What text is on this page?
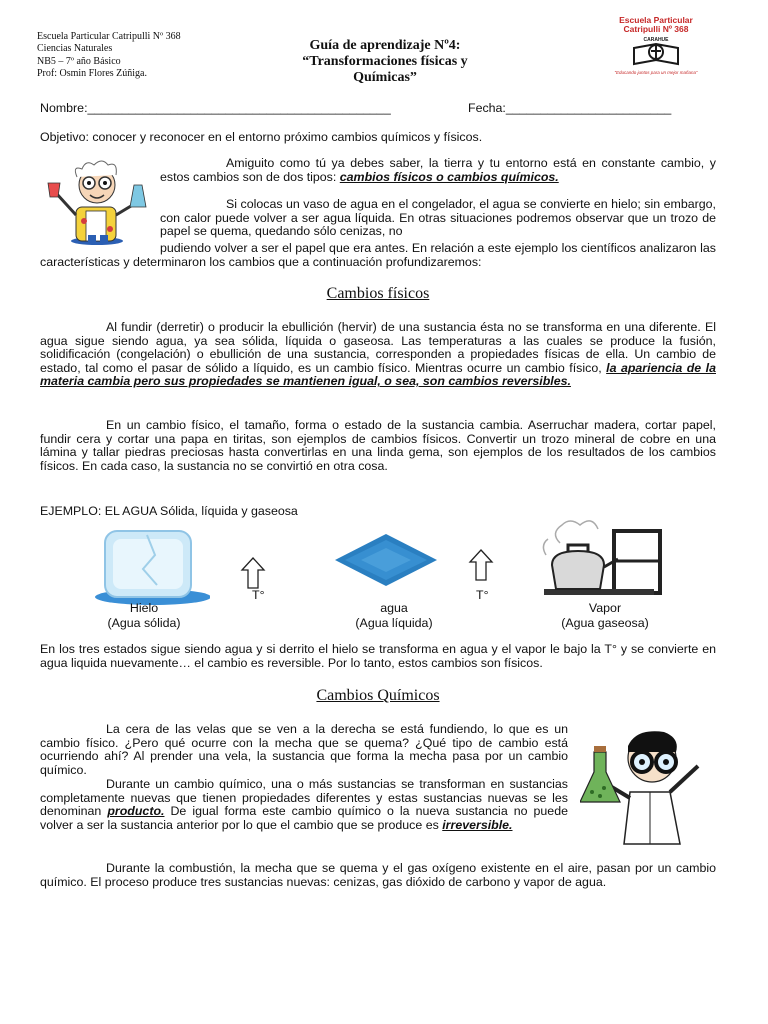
Escuela Particular Catripulli Nº 368
Ciencias Naturales
NB5 – 7º año Básico
Prof: Osmin Flores Zúñiga.
Guía de aprendizaje Nº4:
“Transformaciones físicas y
Químicas”
Escuela Particular
Catripulli Nº 368
CARAHUE
“Educando juntos para un mejor mañana”
Nombre:____________________________________________	Fecha:________________________
Objetivo: conocer y reconocer en el entorno próximo cambios químicos y físicos.
Amiguito como tú ya debes saber, la tierra y tu entorno está en constante cambio, y estos cambios son de dos tipos: cambios físicos o cambios químicos.
Si colocas un vaso de agua en el congelador, el agua se convierte en hielo; sin embargo, con calor puede volver a ser agua líquida. En otras situaciones podremos observar que un trozo de papel se quema, quedando sólo cenizas, no
pudiendo volver a ser el papel que era antes. En relación a este ejemplo los científicos analizaron las características y determinaron los cambios que a continuación profundizaremos:
Cambios físicos
Al fundir (derretir) o producir la ebullición (hervir) de una sustancia ésta no se transforma en una diferente. El agua sigue siendo agua, ya sea sólida, líquida o gaseosa. Las temperaturas a las cuales se produce la fusión, solidificación (congelación) o ebullición de una sustancia, corresponden a propiedades físicas de ella. Un cambio de estado, tal como el pasar de sólido a líquido, es un cambio físico. Mientras ocurre un cambio físico, la apariencia de la materia cambia pero sus propiedades se mantienen igual, o sea, son cambios reversibles.
En un cambio físico, el tamaño, forma o estado de la sustancia cambia. Aserruchar madera, cortar papel, fundir cera y cortar una papa en tiritas, son ejemplos de cambios físicos. Convertir un trozo mineral de cobre en una lámina y tallar piedras preciosas hasta convertirlas en una linda gema, son ejemplos de los resultados de los cambios físicos. En cada caso, la sustancia no se convirtió en otra cosa.
EJEMPLO: EL AGUA Sólida, líquida y gaseosa
T°	T°
Hielo
(Agua sólida)
agua
(Agua líquida)
Vapor
(Agua gaseosa)
En los tres estados sigue siendo agua y si derrito el hielo se transforma en agua y el vapor le bajo la T° y se convierte en agua liquida nuevamente… el cambio es reversible. Por lo tanto, estos cambios son físicos.
Cambios Químicos
La cera de las velas que se ven a la derecha se está fundiendo, lo que es un cambio físico. ¿Pero qué ocurre con la mecha que se quema? ¿Qué tipo de cambio está ocurriendo ahí? Al prender una vela, la sustancia que forma la mecha pasa por un cambio químico.
Durante un cambio químico, una o más sustancias se transforman en sustancias completamente nuevas que tienen propiedades diferentes y estas sustancias nuevas se les denominan producto. De igual forma este cambio químico o la nueva sustancia no puede volver a ser la sustancia anterior por lo que el cambio que se produce es irreversible.
Durante la combustión, la mecha que se quema y el gas oxígeno existente en el aire, pasan por un cambio químico. El proceso produce tres sustancias nuevas: cenizas, gas dióxido de carbono y vapor de agua.
